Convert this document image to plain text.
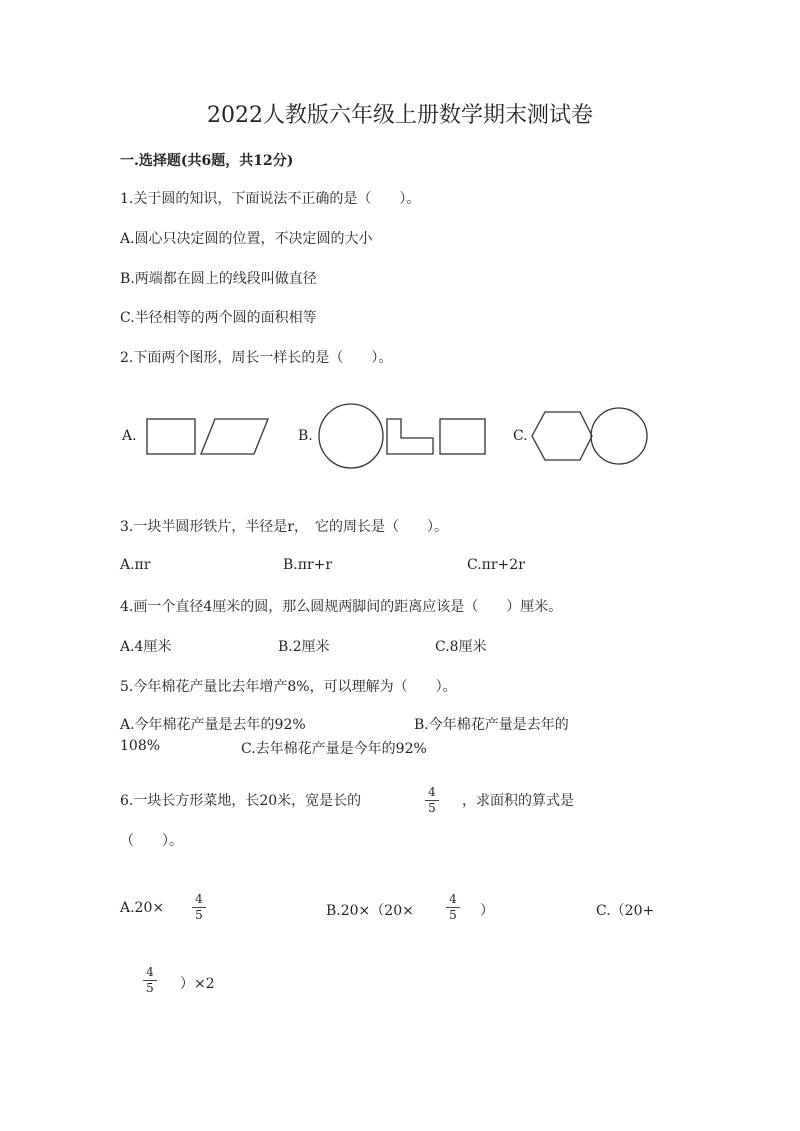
2022人教版六年级上册数学期末测试卷
一.选择题(共6题，共12分)
1.关于圆的知识，下面说法不正确的是（　　）。
A.圆心只决定圆的位置，不决定圆的大小
B.两端都在圆上的线段叫做直径
C.半径相等的两个圆的面积相等
2.下面两个图形，周长一样长的是（　　）。
A.	B.	C.
3.一块半圆形铁片，半径是r，　它的周长是（　　）。
A.πr	B.πr+r	C.πr+2r
4.画一个直径4厘米的圆，那么圆规两脚间的距离应该是（　　）厘米。
A.4厘米	B.2厘米	C.8厘米
5.今年棉花产量比去年增产8%，可以理解为（　　）。
A.今年棉花产量是去年的92%	B.今年棉花产量是去年的
108%	C.去年棉花产量是今年的92%
6.一块长方形菜地，长20米，宽是长的
4
5	，求面积的算式是
（　　）。
A.20×
4
5	B.20×（20×
4
5	）	C.（20+
4
5	）×2
